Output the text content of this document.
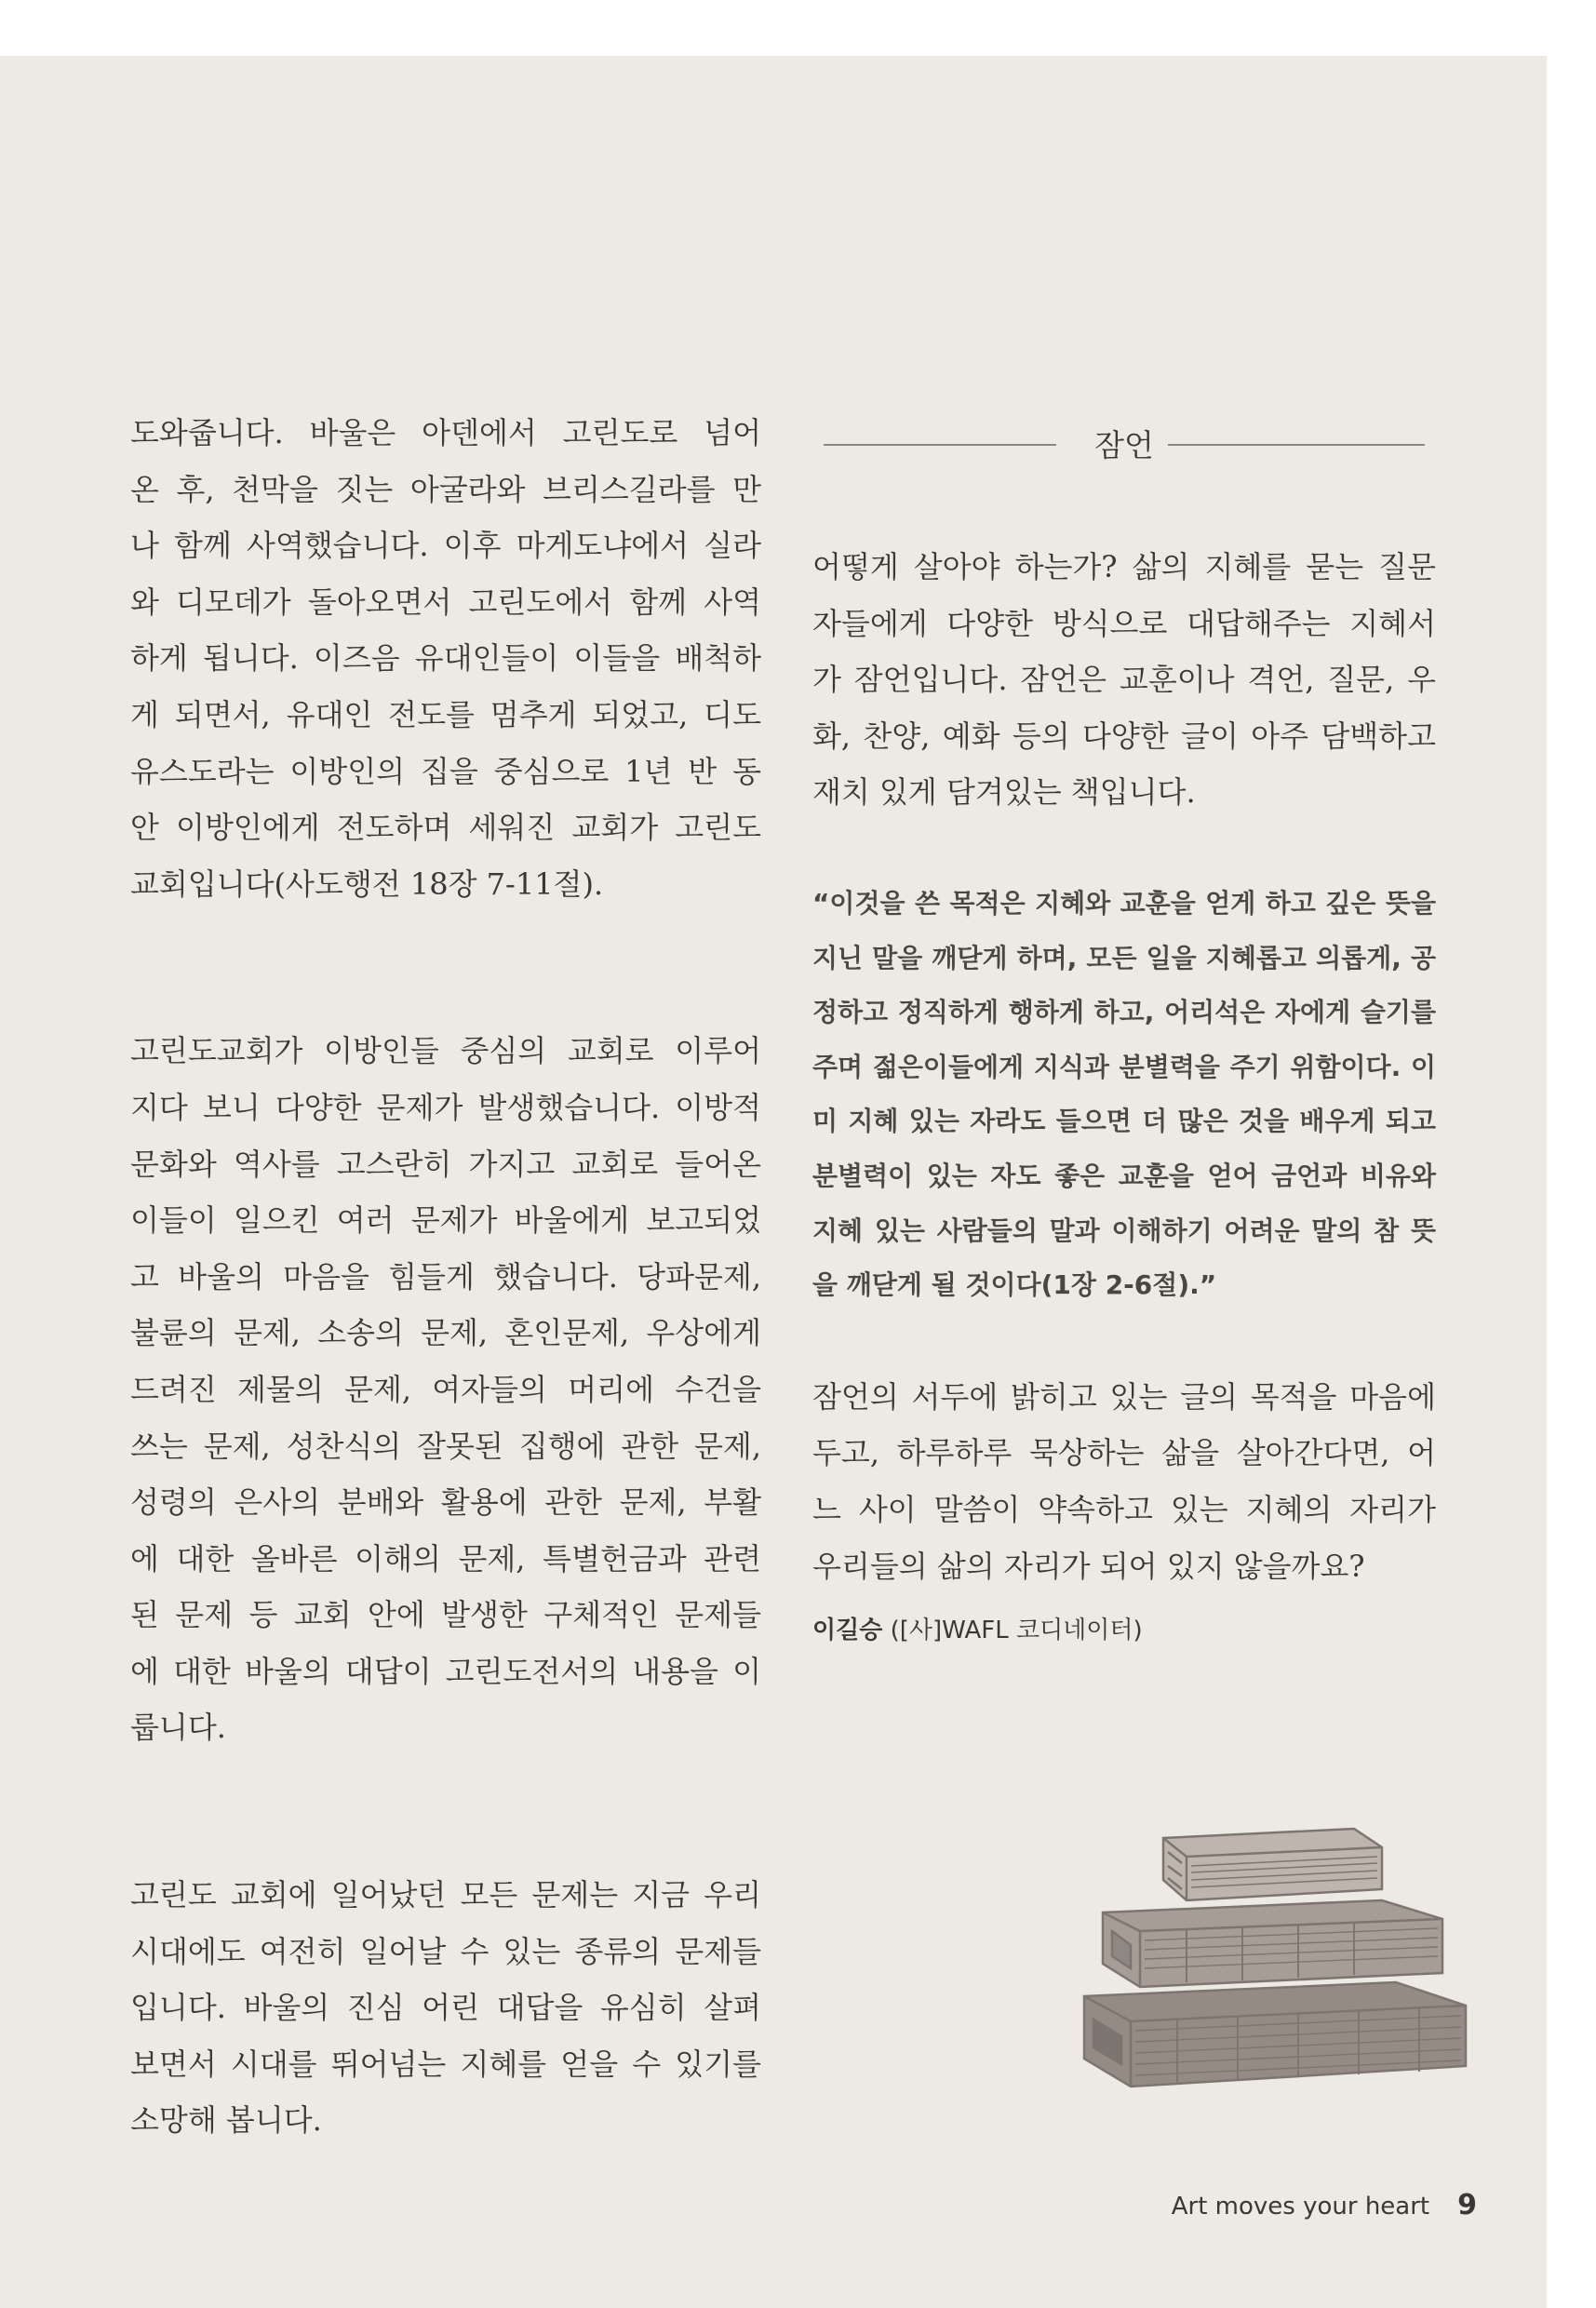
도와줍니다. 바울은 아덴에서 고린도로 넘어
온 후, 천막을 짓는 아굴라와 브리스길라를 만
나 함께 사역했습니다. 이후 마게도냐에서 실라
와 디모데가 돌아오면서 고린도에서 함께 사역
하게 됩니다. 이즈음 유대인들이 이들을 배척하
게 되면서, 유대인 전도를 멈추게 되었고, 디도
유스도라는 이방인의 집을 중심으로 1년 반 동
안 이방인에게 전도하며 세워진 교회가 고린도
교회입니다(사도행전 18장 7-11절).
고린도교회가 이방인들 중심의 교회로 이루어
지다 보니 다양한 문제가 발생했습니다. 이방적
문화와 역사를 고스란히 가지고 교회로 들어온
이들이 일으킨 여러 문제가 바울에게 보고되었
고 바울의 마음을 힘들게 했습니다. 당파문제,
불륜의 문제, 소송의 문제, 혼인문제, 우상에게
드려진 제물의 문제, 여자들의 머리에 수건을
쓰는 문제, 성찬식의 잘못된 집행에 관한 문제,
성령의 은사의 분배와 활용에 관한 문제, 부활
에 대한 올바른 이해의 문제, 특별헌금과 관련
된 문제 등 교회 안에 발생한 구체적인 문제들
에 대한 바울의 대답이 고린도전서의 내용을 이
룹니다.
고린도 교회에 일어났던 모든 문제는 지금 우리
시대에도 여전히 일어날 수 있는 종류의 문제들
입니다. 바울의 진심 어린 대답을 유심히 살펴
보면서 시대를 뛰어넘는 지혜를 얻을 수 있기를
소망해 봅니다.
잠언
어떻게 살아야 하는가? 삶의 지혜를 묻는 질문
자들에게 다양한 방식으로 대답해주는 지혜서
가 잠언입니다. 잠언은 교훈이나 격언, 질문, 우
화, 찬양, 예화 등의 다양한 글이 아주 담백하고
재치 있게 담겨있는 책입니다.

“이것을 쓴 목적은 지혜와 교훈을 얻게 하고 깊은 뜻을 지닌 말을 깨닫게 하며, 모든 일을 지혜롭고 의롭게, 공정하고 정직하게 행하게 하고, 어리석은 자에게 슬기를 주며 젊은이들에게 지식과 분별력을 주기 위함이다. 이미 지혜 있는 자라도 들으면 더 많은 것을 배우게 되고 분별력이 있는 자도 좋은 교훈을 얻어 금언과 비유와 지혜 있는 사람들의 말과 이해하기 어려운 말의 참 뜻을 깨닫게 될 것이다(1장 2-6절).”

잠언의 서두에 밝히고 있는 글의 목적을 마음에
두고, 하루하루 묵상하는 삶을 살아간다면, 어
느 사이 말씀이 약속하고 있는 지혜의 자리가
우리들의 삶의 자리가 되어 있지 않을까요?
이길승 ([사]WAFL 코디네이터)
Art moves your heart 9
